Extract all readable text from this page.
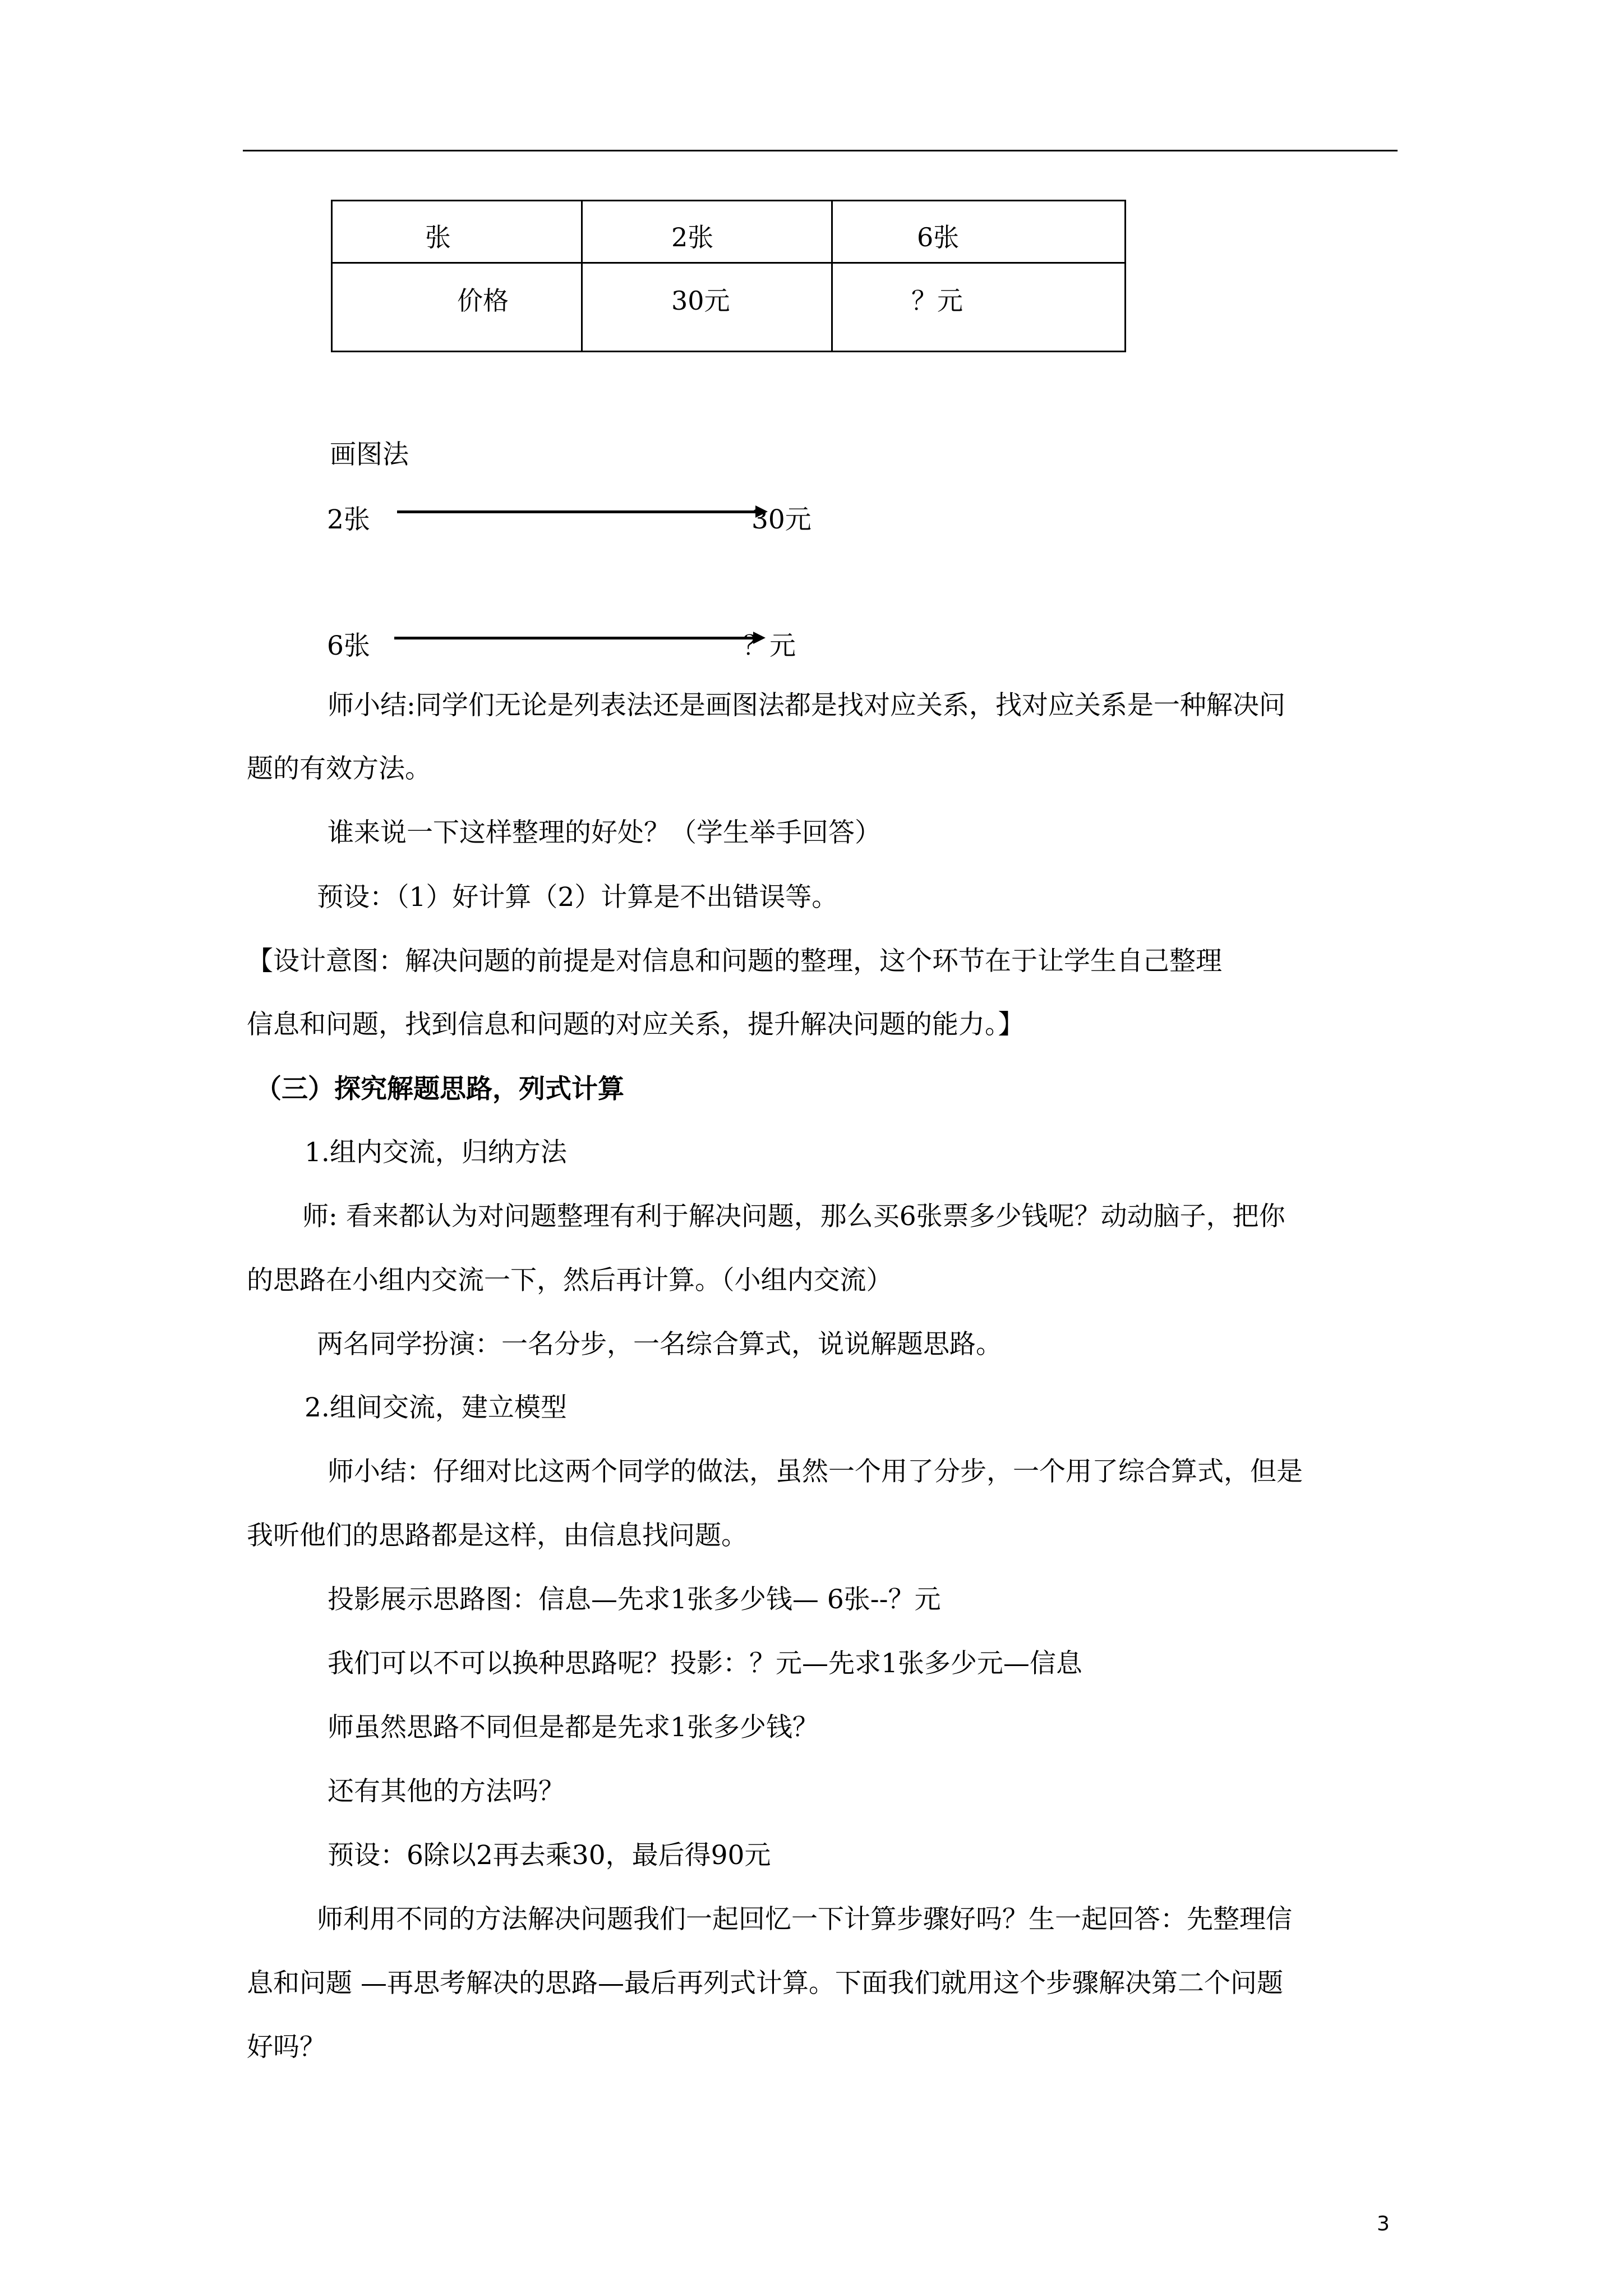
张	2张	6张

价格	30元	？元
画图法
2张	30元
6张	？元
师小结:同学们无论是列表法还是画图法都是找对应关系，找对应关系是一种解决问
题的有效方法。
谁来说一下这样整理的好处？（学生举手回答）
预设：（1）好计算（2）计算是不出错误等。
【设计意图：解决问题的前提是对信息和问题的整理，这个环节在于让学生自己整理
信息和问题，找到信息和问题的对应关系，提升解决问题的能力。】
（三）探究解题思路，列式计算
1.组内交流，归纳方法
师: 看来都认为对问题整理有利于解决问题，那么买6张票多少钱呢？动动脑子，把你
的思路在小组内交流一下，然后再计算。（小组内交流）
两名同学扮演：一名分步，一名综合算式，说说解题思路。
2.组间交流，建立模型
师小结：仔细对比这两个同学的做法，虽然一个用了分步，一个用了综合算式，但是
我听他们的思路都是这样，由信息找问题。
投影展示思路图：信息—先求1张多少钱— 6张--？元
我们可以不可以换种思路呢？投影：？元—先求1张多少元—信息
师虽然思路不同但是都是先求1张多少钱？
还有其他的方法吗？
预设：6除以2再去乘30，最后得90元
师利用不同的方法解决问题我们一起回忆一下计算步骤好吗？生一起回答：先整理信
息和问题 —再思考解决的思路—最后再列式计算。下面我们就用这个步骤解决第二个问题
好吗？
3
